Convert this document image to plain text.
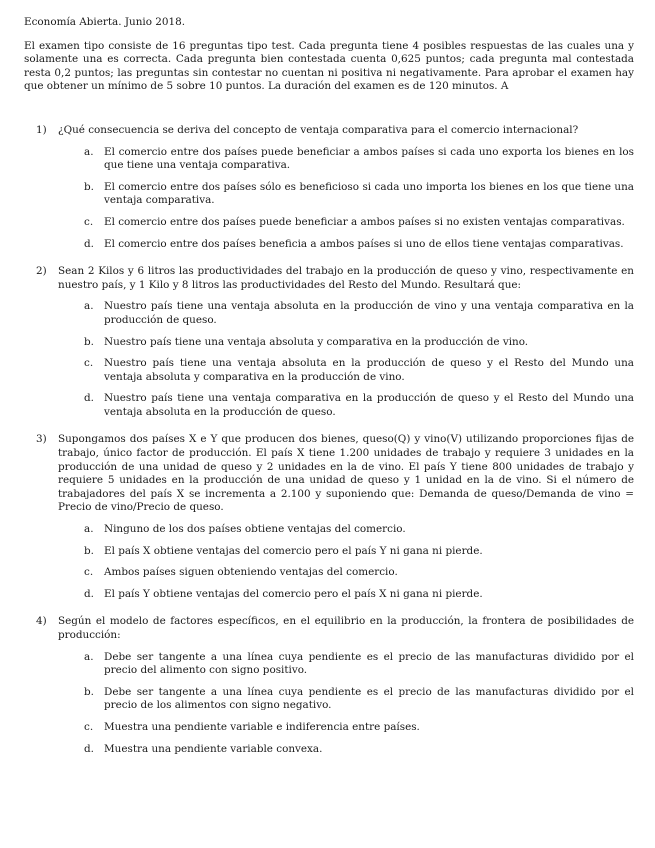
Economía Abierta. Junio 2018.
El examen tipo consiste de 16 preguntas tipo test. Cada pregunta tiene 4 posibles respuestas de las cuales una y solamente una es correcta. Cada pregunta bien contestada cuenta 0,625 puntos; cada pregunta mal contestada resta 0,2 puntos; las preguntas sin contestar no cuentan ni positiva ni negativamente. Para aprobar el examen hay que obtener un mínimo de 5 sobre 10 puntos. La duración del examen es de 120 minutos. A
1)	¿Qué consecuencia se deriva del concepto de ventaja comparativa para el comercio internacional?
a.	El comercio entre dos países puede beneficiar a ambos países si cada uno exporta los bienes en los que tiene una ventaja comparativa.
b. El comercio entre dos países sólo es beneficioso si cada uno importa los bienes en los que tiene una ventaja comparativa.
c.	El comercio entre dos países puede beneficiar a ambos países si no existen ventajas comparativas.
d. El comercio entre dos países beneficia a ambos países si uno de ellos tiene ventajas comparativas.
2)	Sean 2 Kilos y 6 litros las productividades del trabajo en la producción de queso y vino, respectivamente en nuestro país, y 1 Kilo y 8 litros las productividades del Resto del Mundo. Resultará que:
a.	Nuestro país tiene una ventaja absoluta en la producción de vino y una ventaja comparativa en la producción de queso.
b. Nuestro país tiene una ventaja absoluta y comparativa en la producción de vino.
c.	Nuestro país tiene una ventaja absoluta en la producción de queso y el Resto del Mundo una ventaja absoluta y comparativa en la producción de vino.
d. Nuestro país tiene una ventaja comparativa en la producción de queso y el Resto del Mundo una ventaja absoluta en la producción de queso.
3)	Supongamos dos países X e Y que producen dos bienes, queso(Q) y vino(V) utilizando proporciones fijas de trabajo, único factor de producción. El país X tiene 1.200 unidades de trabajo y requiere 3 unidades en la producción de una unidad de queso y 2 unidades en la de vino. El país Y tiene 800 unidades de trabajo y requiere 5 unidades en la producción de una unidad de queso y 1 unidad en la de vino. Si el número de trabajadores del país X se incrementa a 2.100 y suponiendo que: Demanda de queso/Demanda de vino = Precio de vino/Precio de queso.
a.	Ninguno de los dos países obtiene ventajas del comercio.
b. El país X obtiene ventajas del comercio pero el país Y ni gana ni pierde.
c.	Ambos países siguen obteniendo ventajas del comercio.
d. El país Y obtiene ventajas del comercio pero el país X ni gana ni pierde.
4)	Según el modelo de factores específicos, en el equilibrio en la producción, la frontera de posibilidades de producción:
a.	Debe ser tangente a una línea cuya pendiente es el precio de las manufacturas dividido por el precio del alimento con signo positivo.
b. Debe ser tangente a una línea cuya pendiente es el precio de las manufacturas dividido por el precio de los alimentos con signo negativo.
c.	Muestra una pendiente variable e indiferencia entre países.
d. Muestra una pendiente variable convexa.
